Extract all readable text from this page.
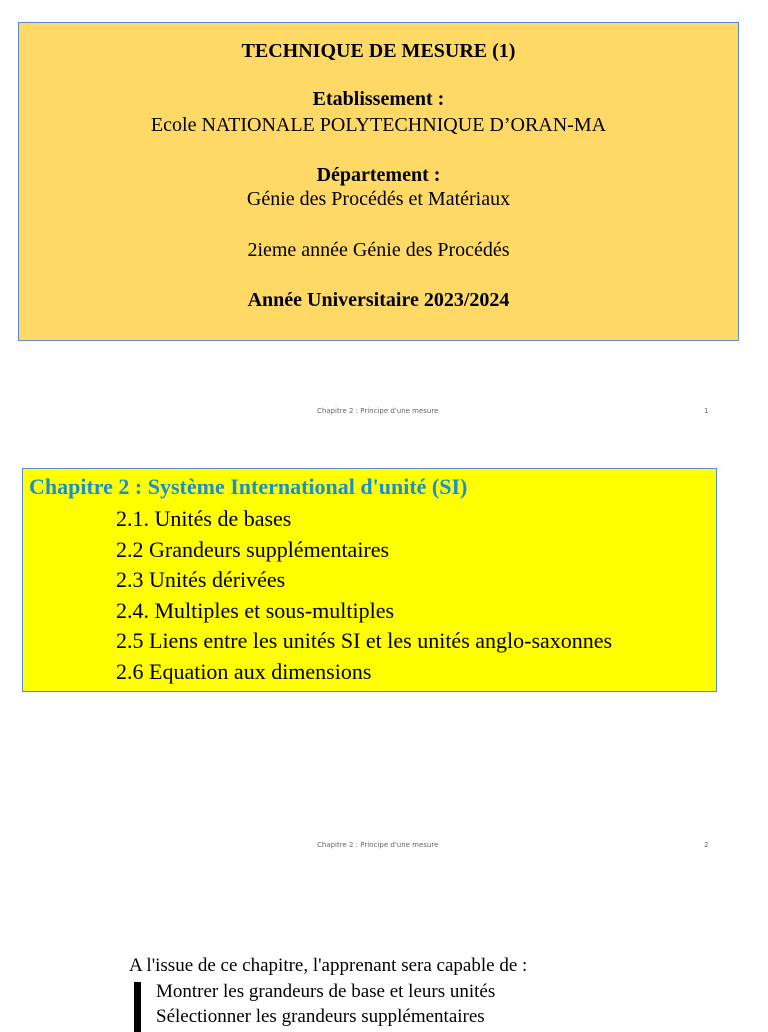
TECHNIQUE DE MESURE (1)
Etablissement :
Ecole NATIONALE POLYTECHNIQUE D’ORAN-MA
Département :
Génie des Procédés et Matériaux
2ieme année Génie des Procédés
Année Universitaire 2023/2024
Chapitre 2 : Principe d'une mesure	1
Chapitre 2 : Système International d'unité (SI)
2.1. Unités de bases
2.2 Grandeurs supplémentaires
2.3 Unités dérivées
2.4. Multiples et sous-multiples
2.5 Liens entre les unités SI et les unités anglo-saxonnes
2.6 Equation aux dimensions
Chapitre 2 : Principe d'une mesure	2
A l'issue de ce chapitre, l'apprenant sera capable de :
Montrer les grandeurs de base et leurs unités
Sélectionner les grandeurs supplémentaires
